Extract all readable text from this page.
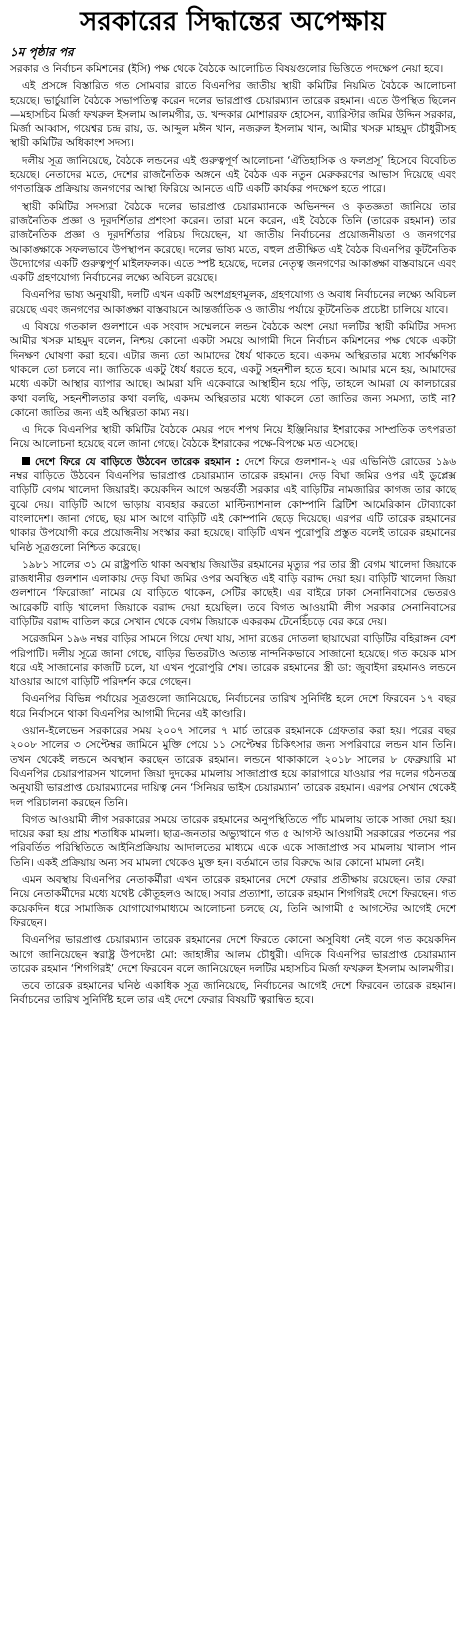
সরকারের সিদ্ধান্তের অপেক্ষায়
১ম পৃষ্ঠার পর

সরকার ও নির্বাচন কমিশনের (ইসি) পক্ষ থেকে বৈঠকে আলোচিত বিষয়গুলোর ভিত্তিতে পদক্ষেপ নেয়া হবে।

এই প্রসঙ্গে বিস্তারিত গত সোমবার রাতে বিএনপির জাতীয় স্থায়ী কমিটির নিয়মিত বৈঠকে আলোচনা হয়েছে। ভার্চুয়ালি বৈঠকে সভাপতিত্ব করেন দলের ভারপ্রাপ্ত চেয়ারম্যান তারেক রহমান। এতে উপস্থিত ছিলেন—মহাসচিব মির্জা ফখরুল ইসলাম আলমগীর, ড. খন্দকার মোশাররফ হোসেন, ব্যারিস্টার জমির উদ্দিন সরকার, মির্জা আব্বাস, গয়েশ্বর চন্দ্র রায়, ড. আব্দুল মঈন খান, নজরুল ইসলাম খান, আমীর খসরু মাহমুদ চৌধুরীসহ স্থায়ী কমিটির অধিকাংশ সদস্য।

দলীয় সূত্র জানিয়েছে, বৈঠকে লন্ডনের এই গুরুত্বপূর্ণ আলোচনা ‘ঐতিহাসিক ও ফলপ্রসূ’ হিসেবে বিবেচিত হয়েছে। নেতাদের মতে, দেশের রাজনৈতিক অঙ্গনে এই বৈঠক এক নতুন মেরুকরণের আভাস দিয়েছে এবং গণতান্ত্রিক প্রক্রিয়ায় জনগণের আস্থা ফিরিয়ে আনতে এটি একটি কার্যকর পদক্ষেপ হতে পারে।

স্থায়ী কমিটির সদস্যরা বৈঠকে দলের ভারপ্রাপ্ত চেয়ারম্যানকে অভিনন্দন ও কৃতজ্ঞতা জানিয়ে তার রাজনৈতিক প্রজ্ঞা ও দূরদর্শিতার প্রশংসা করেন। তারা মনে করেন, এই বৈঠকে তিনি (তারেক রহমান) তার রাজনৈতিক প্রজ্ঞা ও দূরদর্শিতার পরিচয় দিয়েছেন, যা জাতীয় নির্বাচনের প্রয়োজনীয়তা ও জনগণের আকাঙ্ক্ষাকে সফলভাবে উপস্থাপন করেছে। দলের ভাষ্য মতে, বহুল প্রতীক্ষিত এই বৈঠক বিএনপির কূটনৈতিক উদ্যোগের একটি গুরুত্বপূর্ণ মাইলফলক। এতে স্পষ্ট হয়েছে, দলের নেতৃত্ব জনগণের আকাঙ্ক্ষা বাস্তবায়নে এবং একটি গ্রহণযোগ্য নির্বাচনের লক্ষ্যে অবিচল রয়েছে।

বিএনপির ভাষ্য অনুযায়ী, দলটি এখন একটি অংশগ্রহণমূলক, গ্রহণযোগ্য ও অবাধ নির্বাচনের লক্ষ্যে অবিচল রয়েছে এবং জনগণের আকাঙ্ক্ষা বাস্তবায়নে আন্তর্জাতিক ও জাতীয় পর্যায়ে কূটনৈতিক প্রচেষ্টা চালিয়ে যাবে।

এ বিষয়ে গতকাল গুলশানে এক সংবাদ সম্মেলনে লন্ডন বৈঠকে অংশ নেয়া দলটির স্থায়ী কমিটির সদস্য আমীর খসরু মাহমুদ বলেন, নিশ্চয় কোনো একটা সময়ে আগামী দিনে নির্বাচন কমিশনের পক্ষ থেকে একটা দিনক্ষণ ঘোষণা করা হবে। এটার জন্য তো আমাদের ধৈর্য থাকতে হবে। একদম অস্থিরতার মধ্যে সার্বক্ষণিক থাকলে তো চলবে না। জাতিকে একটু ধৈর্য ধরতে হবে, একটু সহনশীল হতে হবে। আমার মনে হয়, আমাদের মধ্যে একটা আস্থার ব্যাপার আছে। আমরা যদি একেবারে আস্থাহীন হয়ে পড়ি, তাহলে আমরা যে কালচারের কথা বলছি, সহনশীলতার কথা বলছি, একদম অস্থিরতার মধ্যে থাকলে তো জাতির জন্য সমস্যা, তাই না? কোনো জাতির জন্য এই অস্থিরতা কাম্য নয়।

এ দিকে বিএনপির স্থায়ী কমিটির বৈঠকে মেয়র পদে শপথ নিয়ে ইঞ্জিনিয়ার ইশরাকের সাম্প্রতিক তৎপরতা নিয়ে আলোচনা হয়েছে বলে জানা গেছে। বৈঠকে ইশরাকের পক্ষে-বিপক্ষে মত এসেছে।

দেশে ফিরে যে বাড়িতে উঠবেন তারেক রহমান : দেশে ফিরে গুলশান-২ এর এভিনিউ রোডের ১৯৬ নম্বর বাড়িতে উঠবেন বিএনপির ভারপ্রাপ্ত চেয়ারম্যান তারেক রহমান। দেড় বিঘা জমির ওপর এই ডুপ্লেক্স বাড়িটি বেগম খালেদা জিয়ারই। কয়েকদিন আগে অন্তর্বর্তী সরকার এই বাড়িটির নামজারির কাগজ তার কাছে বুঝে দেয়। বাড়িটি আগে ভাড়ায় ব্যবহার করতো মাল্টিন্যাশনাল কোম্পানি ব্রিটিশ আমেরিকান টোব্যাকো বাংলাদেশ। জানা গেছে, ছয় মাস আগে বাড়িটি এই কোম্পানি ছেড়ে দিয়েছে। এরপর এটি তারেক রহমানের থাকার উপযোগী করে প্রয়োজনীয় সংস্কার করা হয়েছে। বাড়িটি এখন পুরোপুরি প্রস্তুত বলেই তারেক রহমানের ঘনিষ্ঠ সূত্রগুলো নিশ্চিত করেছে।

১৯৮১ সালের ৩১ মে রাষ্ট্রপতি থাকা অবস্থায় জিয়াউর রহমানের মৃত্যুর পর তার স্ত্রী বেগম খালেদা জিয়াকে রাজধানীর গুলশান এলাকায় দেড় বিঘা জমির ওপর অবস্থিত এই বাড়ি বরাদ্দ দেয়া হয়। বাড়িটি খালেদা জিয়া গুলশানে ‘ফিরোজা’ নামের যে বাড়িতে থাকেন, সেটির কাছেই। এর বাইরে ঢাকা সেনানিবাসের ভেতরও আরেকটি বাড়ি খালেদা জিয়াকে বরাদ্দ দেয়া হয়েছিল। তবে বিগত আওয়ামী লীগ সরকার সেনানিবাসের বাড়িটির বরাদ্দ বাতিল করে সেখান থেকে বেগম জিয়াকে একরকম টেনেহিঁচড়ে বের করে দেয়।

সরেজমিন ১৯৬ নম্বর বাড়ির সামনে গিয়ে দেখা যায়, সাদা রঙের দোতলা ছায়াঘেরা বাড়িটির বহিরাঙ্গন বেশ পরিপাটি। দলীয় সূত্রে জানা গেছে, বাড়ির ভিতরটাও অত্যন্ত নান্দনিকভাবে সাজানো হয়েছে। গত কয়েক মাস ধরে এই সাজানোর কাজটি চলে, যা এখন পুরোপুরি শেষ। তারেক রহমানের স্ত্রী ডা: জুবাইদা রহমানও লন্ডনে যাওয়ার আগে বাড়িটি পরিদর্শন করে গেছেন।

বিএনপির বিভিন্ন পর্যায়ের সূত্রগুলো জানিয়েছে, নির্বাচনের তারিখ সুনির্দিষ্ট হলে দেশে ফিরবেন ১৭ বছর ধরে নির্বাসনে থাকা বিএনপির আগামী দিনের এই কাণ্ডারি।

ওয়ান-ইলেভেন সরকারের সময় ২০০৭ সালের ৭ মার্চ তারেক রহমানকে গ্রেফতার করা হয়। পরের বছর ২০০৮ সালের ৩ সেপ্টেম্বর জামিনে মুক্তি পেয়ে ১১ সেপ্টেম্বর চিকিৎসার জন্য সপরিবারে লন্ডন যান তিনি। তখন থেকেই লন্ডনে অবস্থান করছেন তারেক রহমান। লন্ডনে থাকাকালে ২০১৮ সালের ৮ ফেব্রুয়ারি মা বিএনপির চেয়ারপারসন খালেদা জিয়া দুদকের মামলায় সাজাপ্রাপ্ত হয়ে কারাগারে যাওয়ার পর দলের গঠনতন্ত্র অনুযায়ী ভারপ্রাপ্ত চেয়ারম্যানের দায়িত্ব নেন ‘সিনিয়র ভাইস চেয়ারম্যান’ তারেক রহমান। এরপর সেখান থেকেই দল পরিচালনা করছেন তিনি।

বিগত আওয়ামী লীগ সরকারের সময়ে তারেক রহমানের অনুপস্থিতিতে পাঁচ মামলায় তাকে সাজা দেয়া হয়। দায়ের করা হয় প্রায় শতাধিক মামলা। ছাত্র-জনতার অভ্যুত্থানে গত ৫ আগস্ট আওয়ামী সরকারের পতনের পর পরিবর্তিত পরিস্থিতিতে আইনিপ্রক্রিয়ায় আদালতের মাধ্যমে একে একে সাজাপ্রাপ্ত সব মামলায় খালাস পান তিনি। একই প্রক্রিয়ায় অন্য সব মামলা থেকেও মুক্ত হন। বর্তমানে তার বিরুদ্ধে আর কোনো মামলা নেই।

এমন অবস্থায় বিএনপির নেতাকর্মীরা এখন তারেক রহমানের দেশে ফেরার প্রতীক্ষায় রয়েছেন। তার ফেরা নিয়ে নেতাকর্মীদের মধ্যে যথেষ্ট কৌতূহলও আছে। সবার প্রত্যাশা, তারেক রহমান শিগগিরই দেশে ফিরছেন। গত কয়েকদিন ধরে সামাজিক যোগাযোগমাধ্যমে আলোচনা চলছে যে, তিনি আগামী ৫ আগস্টের আগেই দেশে ফিরছেন।

বিএনপির ভারপ্রাপ্ত চেয়ারম্যান তারেক রহমানের দেশে ফিরতে কোনো অসুবিধা নেই বলে গত কয়েকদিন আগে জানিয়েছেন স্বরাষ্ট্র উপদেষ্টা মো: জাহাঙ্গীর আলম চৌধুরী। এদিকে বিএনপির ভারপ্রাপ্ত চেয়ারম্যান তারেক রহমান ‘শিগগিরই’ দেশে ফিরবেন বলে জানিয়েছেন দলটির মহাসচিব মির্জা ফখরুল ইসলাম আলমগীর।

তবে তারেক রহমানের ঘনিষ্ঠ একাধিক সূত্র জানিয়েছে, নির্বাচনের আগেই দেশে ফিরবেন তারেক রহমান। নির্বাচনের তারিখ সুনির্দিষ্ট হলে তার এই দেশে ফেরার বিষয়টি ত্বরান্বিত হবে।
